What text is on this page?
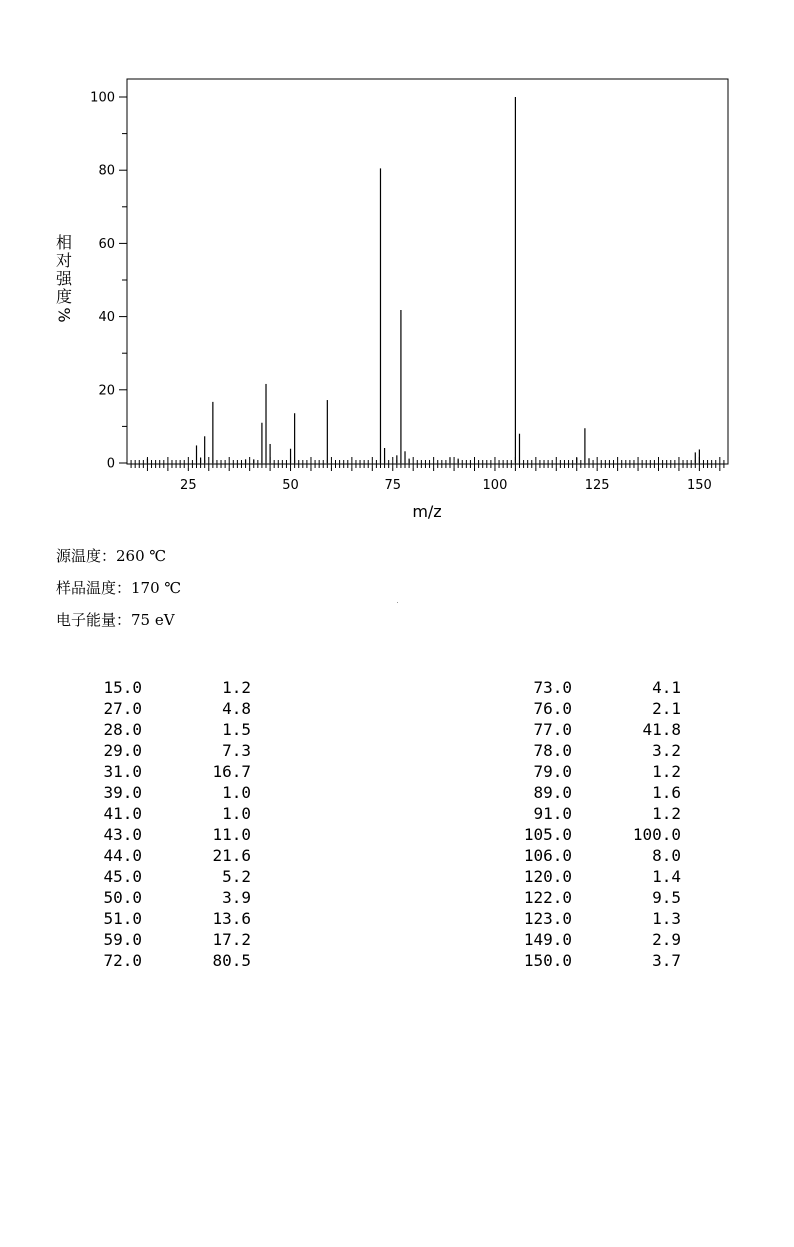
0
20
40
60
80
100
25	50	75	100	125	150
m/z
相
对
强
度
%
源温度：260 ℃
样品温度：170 ℃
电子能量：75 eV
15.0	1.2
27.0	4.8
28.0	1.5
29.0	7.3
31.0	16.7
39.0	1.0
41.0	1.0
43.0	11.0
44.0	21.6
45.0	5.2
50.0	3.9
51.0	13.6
59.0	17.2
72.0	80.5
73.0	4.1
76.0	2.1
77.0	41.8
78.0	3.2
79.0	1.2
89.0	1.6
91.0	1.2
105.0	100.0
106.0	8.0
120.0	1.4
122.0	9.5
123.0	1.3
149.0	2.9
150.0	3.7
